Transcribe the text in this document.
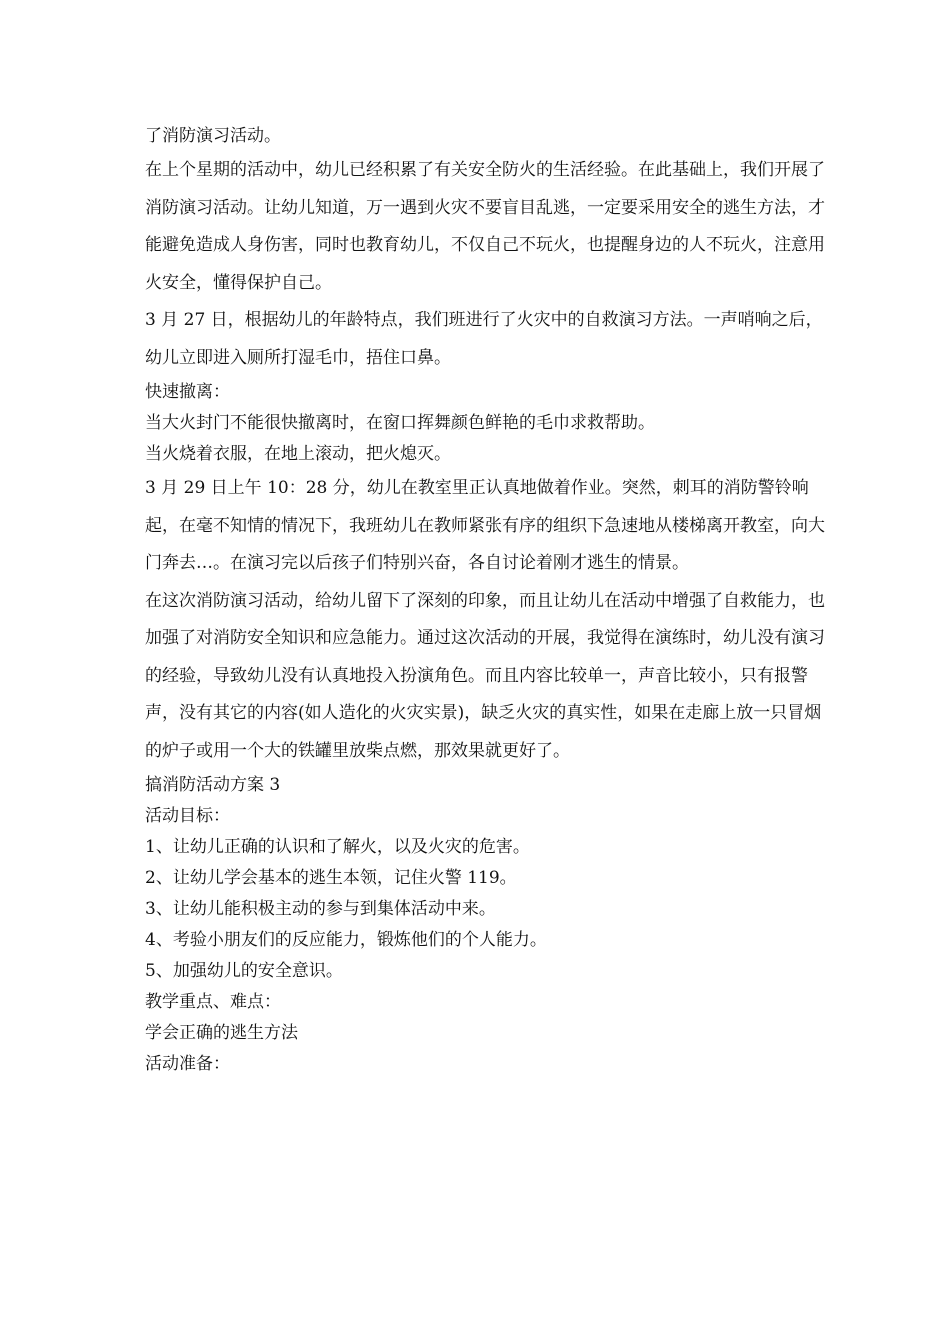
了消防演习活动。

在上个星期的活动中，幼儿已经积累了有关安全防火的生活经验。在此基础上，我们开展了消防演习活动。让幼儿知道，万一遇到火灾不要盲目乱逃，一定要采用安全的逃生方法，才能避免造成人身伤害，同时也教育幼儿，不仅自己不玩火，也提醒身边的人不玩火，注意用火安全，懂得保护自己。

3 月 27 日，根据幼儿的年龄特点，我们班进行了火灾中的自救演习方法。一声哨响之后，幼儿立即进入厕所打湿毛巾，捂住口鼻。

快速撤离：

当大火封门不能很快撤离时，在窗口挥舞颜色鲜艳的毛巾求救帮助。

当火烧着衣服，在地上滚动，把火熄灭。

3 月 29 日上午 10：28 分，幼儿在教室里正认真地做着作业。突然，刺耳的消防警铃响起，在毫不知情的情况下，我班幼儿在教师紧张有序的组织下急速地从楼梯离开教室，向大门奔去…。在演习完以后孩子们特别兴奋，各自讨论着刚才逃生的情景。

在这次消防演习活动，给幼儿留下了深刻的印象，而且让幼儿在活动中增强了自救能力，也加强了对消防安全知识和应急能力。通过这次活动的开展，我觉得在演练时，幼儿没有演习的经验，导致幼儿没有认真地投入扮演角色。而且内容比较单一，声音比较小，只有报警声，没有其它的内容(如人造化的火灾实景)，缺乏火灾的真实性，如果在走廊上放一只冒烟的炉子或用一个大的铁罐里放柴点燃，那效果就更好了。

搞消防活动方案 3

活动目标：

1、让幼儿正确的认识和了解火，以及火灾的危害。

2、让幼儿学会基本的逃生本领，记住火警 119。

3、让幼儿能积极主动的参与到集体活动中来。

4、考验小朋友们的反应能力，锻炼他们的个人能力。

5、加强幼儿的安全意识。

教学重点、难点：

学会正确的逃生方法

活动准备：
